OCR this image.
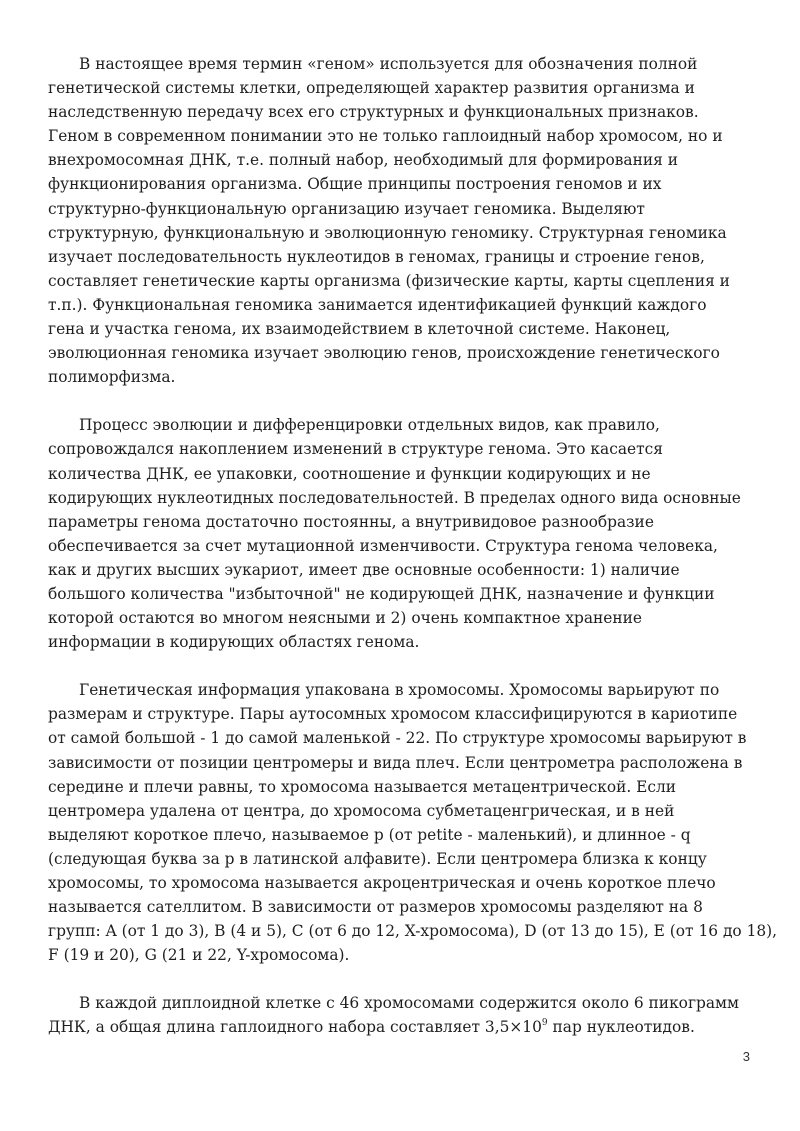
В настоящее время термин «геном» используется для обозначения полной
генетической системы клетки, определяющей характер развития организма и
наследственную передачу всех его структурных и функциональных признаков.
Геном в современном понимании это не только гаплоидный набор хромосом, но и
внехромосомная ДНК, т.е. полный набор, необходимый для формирования и
функционирования организма. Общие принципы построения геномов и их
структурно-функциональную организацию изучает геномика. Выделяют
структурную, функциональную и эволюционную геномику. Структурная геномика
изучает последовательность нуклеотидов в геномах, границы и строение генов,
составляет генетические карты организма (физические карты, карты сцепления и
т.п.). Функциональная геномика занимается идентификацией функций каждого
гена и участка генома, их взаимодействием в клеточной системе. Наконец,
эволюционная геномика изучает эволюцию генов, происхождение генетического
полиморфизма.

Процесс эволюции и дифференцировки отдельных видов, как правило,
сопровождался накоплением изменений в структуре генома. Это касается
количества ДНК, ее упаковки, соотношение и функции кодирующих и не
кодирующих нуклеотидных последовательностей. В пределах одного вида основные
параметры генома достаточно постоянны, а внутривидовое разнообразие
обеспечивается за счет мутационной изменчивости. Структура генома человека,
как и других высших эукариот, имеет две основные особенности: 1) наличие
большого количества "избыточной" не кодирующей ДНК, назначение и функции
которой остаются во многом неясными и 2) очень компактное хранение
информации в кодирующих областях генома.

Генетическая информация упакована в хромосомы. Хромосомы варьируют по
размерам и структуре. Пары аутосомных хромосом классифицируются в кариотипе
от самой большой - 1 до самой маленькой - 22. По структуре хромосомы варьируют в
зависимости от позиции центромеры и вида плеч. Если центрометра расположена в
середине и плечи равны, то хромосома называется метацентрической. Если
центромера удалена от центра, до хромосома субметаценгрическая, и в ней
выделяют короткое плечо, называемое p (от petite - маленький), и длинное - q
(следующая буква за p в латинской алфавите). Если центромера близка к концу
хромосомы, то хромосома называется акроцентрическая и очень короткое плечо
называется сателлитом. В зависимости от размеров хромосомы разделяют на 8
групп: A (от 1 до 3), B (4 и 5), C (от 6 до 12, X-хромосома), D (от 13 до 15), E (от 16 до 18),
F (19 и 20), G (21 и 22, Y-хромосома).

В каждой диплоидной клетке с 46 хромосомами содержится около 6 пикограмм
ДНК, а общая длина гаплоидного набора составляет $3,5\times 10^9$ пар нуклеотидов.

3
